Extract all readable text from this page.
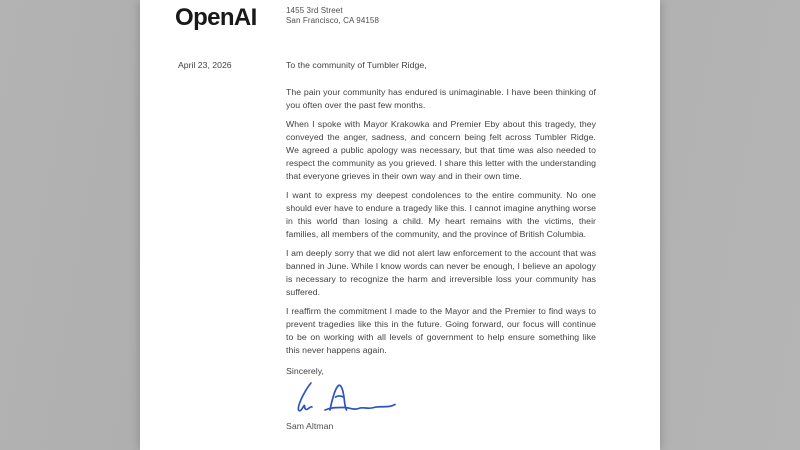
OpenAI	1455 3rd Street
San Francisco, CA 94158
April 23, 2026	To the community of Tumbler Ridge,

The pain your community has endured is unimaginable. I have been thinking of you often over the past few months.

When I spoke with Mayor Krakowka and Premier Eby about this tragedy, they conveyed the anger, sadness, and concern being felt across Tumbler Ridge. We agreed a public apology was necessary, but that time was also needed to respect the community as you grieved. I share this letter with the understanding that everyone grieves in their own way and in their own time.

I want to express my deepest condolences to the entire community. No one should ever have to endure a tragedy like this. I cannot imagine anything worse in this world than losing a child. My heart remains with the victims, their families, all members of the community, and the province of British Columbia.

I am deeply sorry that we did not alert law enforcement to the account that was banned in June. While I know words can never be enough, I believe an apology is necessary to recognize the harm and irreversible loss your community has suffered.

I reaffirm the commitment I made to the Mayor and the Premier to find ways to prevent tragedies like this in the future. Going forward, our focus will continue to be on working with all levels of government to help ensure something like this never happens again.

Sincerely,

Sam Altman
